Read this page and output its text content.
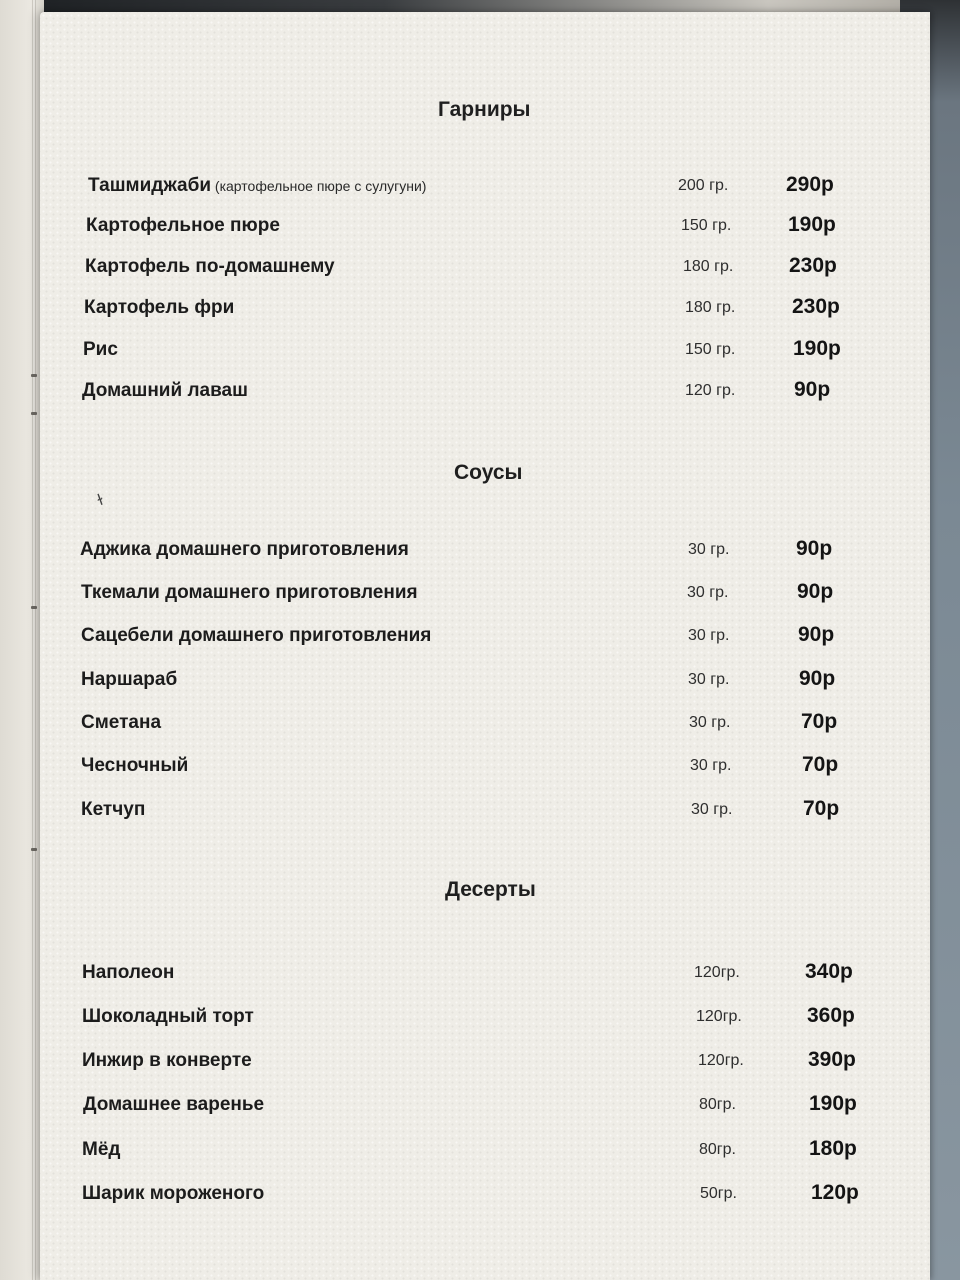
ɫ
Гарниры
Ташмиджаби (картофельное пюре с сулугуни)	200 гр.	290р
Картофельное пюре	150 гр.	190р
Картофель по-домашнему	180 гр.	230р
Картофель фри	180 гр.	230р
Рис	150 гр.	190р
Домашний лаваш	120 гр.	90р
Соусы
Аджика домашнего приготовления	30 гр.	90р
Ткемали домашнего приготовления	30 гр.	90р
Сацебели домашнего приготовления	30 гр.	90р
Наршараб	30 гр.	90р
Сметана	30 гр.	70р
Чесночный	30 гр.	70р
Кетчуп	30 гр.	70р
Десерты
Наполеон	120гр.	340р
Шоколадный торт	120гр.	360р
Инжир в конверте	120гр.	390р
Домашнее варенье	80гр.	190р
Мёд	80гр.	180р
Шарик мороженого	50гр.	120р
